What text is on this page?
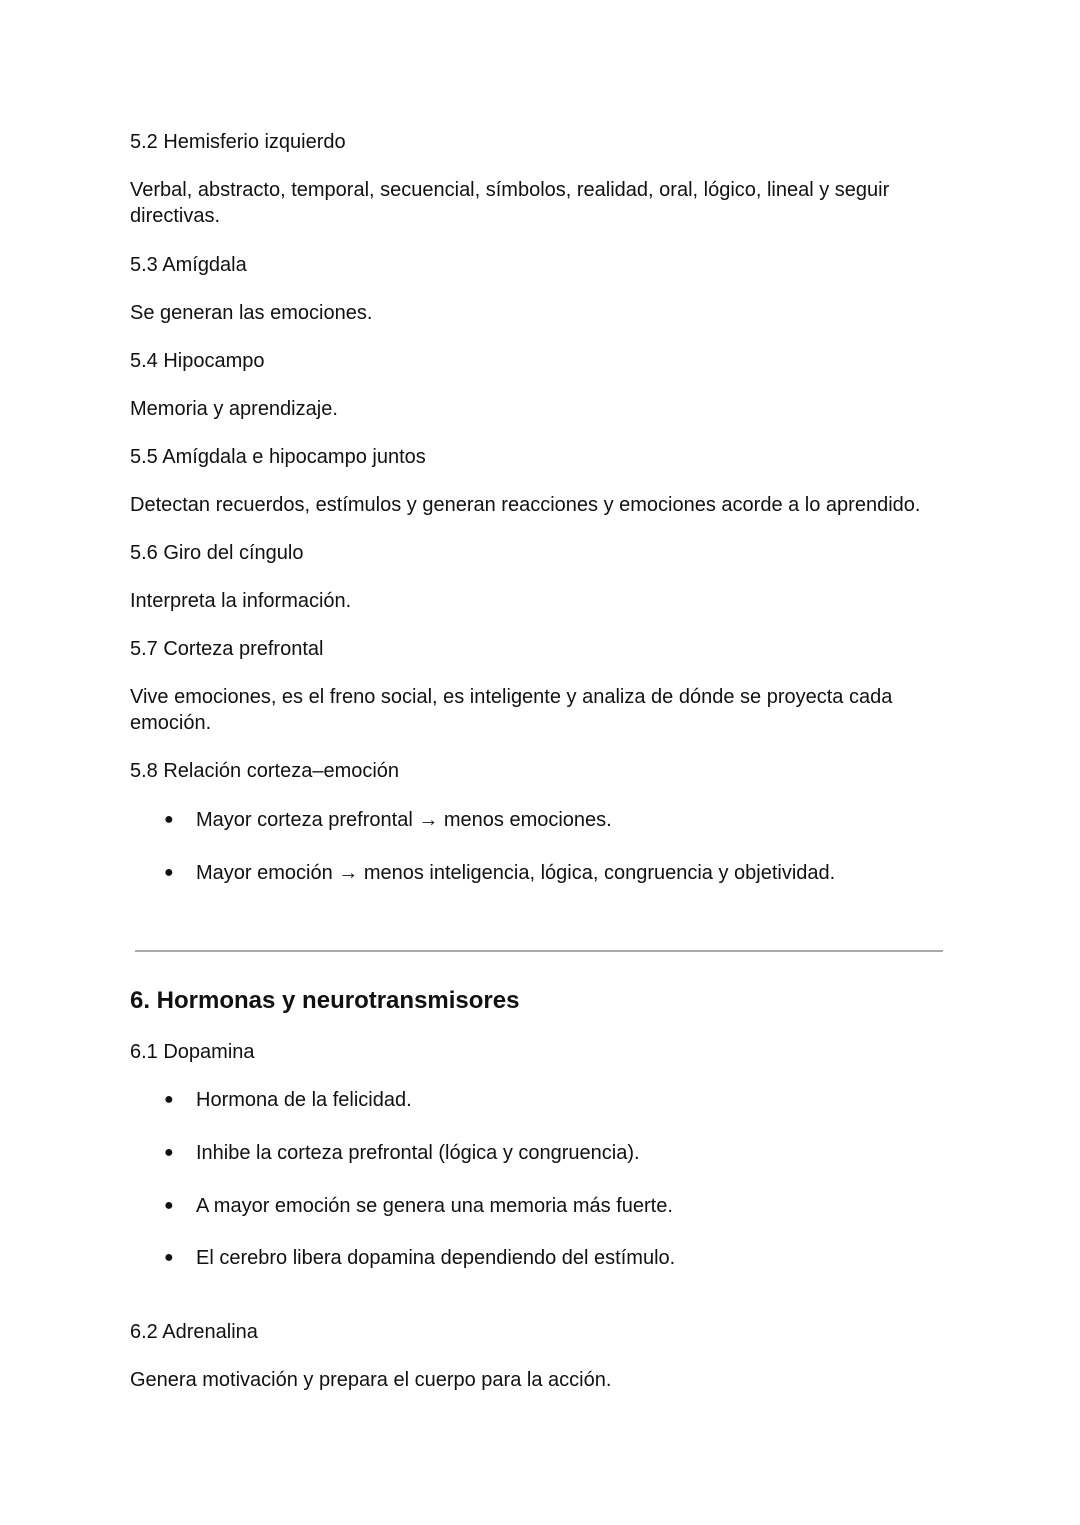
5.2 Hemisferio izquierdo

Verbal, abstracto, temporal, secuencial, símbolos, realidad, oral, lógico, lineal y seguir

directivas.

5.3 Amígdala

Se generan las emociones.

5.4 Hipocampo

Memoria y aprendizaje.

5.5 Amígdala e hipocampo juntos

Detectan recuerdos, estímulos y generan reacciones y emociones acorde a lo aprendido.

5.6 Giro del cíngulo

Interpreta la información.

5.7 Corteza prefrontal

Vive emociones, es el freno social, es inteligente y analiza de dónde se proyecta cada

emoción.

5.8 Relación corteza–emoción

● Mayor corteza prefrontal → menos emociones.
● Mayor emoción → menos inteligencia, lógica, congruencia y objetividad.
6. Hormonas y neurotransmisores

6.1 Dopamina

● Hormona de la felicidad.
● Inhibe la corteza prefrontal (lógica y congruencia).
● A mayor emoción se genera una memoria más fuerte.
● El cerebro libera dopamina dependiendo del estímulo.

6.2 Adrenalina

Genera motivación y prepara el cuerpo para la acción.
